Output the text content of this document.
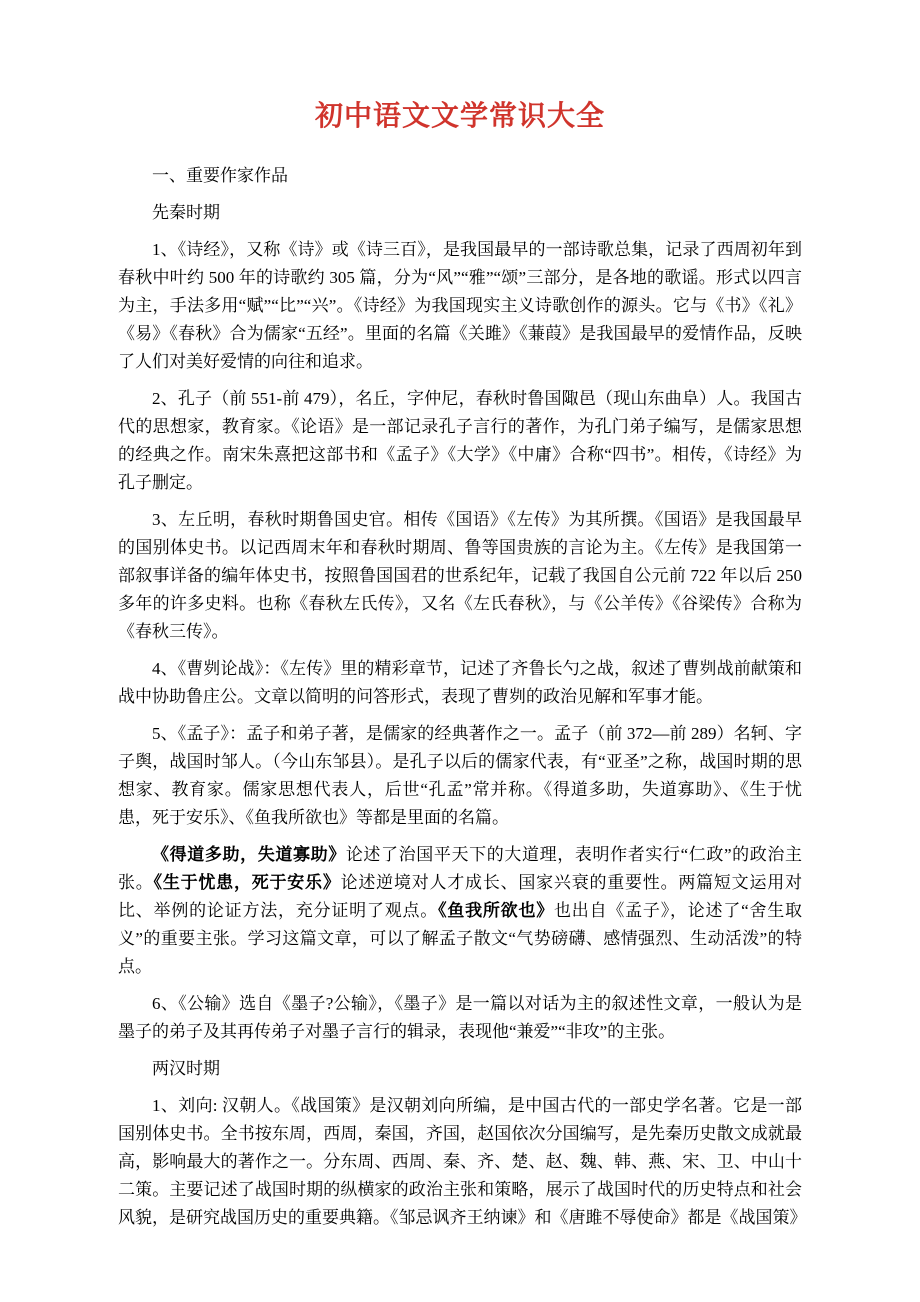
初中语文文学常识大全

一、重要作家作品

先秦时期

1、《诗经》，又称《诗》或《诗三百》，是我国最早的一部诗歌总集，记录了西周初年到春秋中叶约 500 年的诗歌约 305 篇，分为“风”“雅”“颂”三部分，是各地的歌谣。形式以四言为主，手法多用“赋”“比”“兴”。《诗经》为我国现实主义诗歌创作的源头。它与《书》《礼》《易》《春秋》合为儒家“五经”。里面的名篇《关雎》《蒹葭》是我国最早的爱情作品，反映了人们对美好爱情的向往和追求。

2、孔子（前 551-前 479），名丘，字仲尼，春秋时鲁国陬邑（现山东曲阜）人。我国古代的思想家，教育家。《论语》是一部记录孔子言行的著作，为孔门弟子编写，是儒家思想的经典之作。南宋朱熹把这部书和《孟子》《大学》《中庸》合称“四书”。相传，《诗经》为孔子删定。

3、左丘明，春秋时期鲁国史官。相传《国语》《左传》为其所撰。《国语》是我国最早的国别体史书。以记西周末年和春秋时期周、鲁等国贵族的言论为主。《左传》是我国第一部叙事详备的编年体史书，按照鲁国国君的世系纪年，记载了我国自公元前 722 年以后 250 多年的许多史料。也称《春秋左氏传》，又名《左氏春秋》，与《公羊传》《谷梁传》合称为《春秋三传》。

4、《曹刿论战》：《左传》里的精彩章节，记述了齐鲁长勺之战，叙述了曹刿战前献策和战中协助鲁庄公。文章以简明的问答形式，表现了曹刿的政治见解和军事才能。

5、《孟子》：孟子和弟子著，是儒家的经典著作之一。孟子（前 372—前 289）名轲、字子舆，战国时邹人。（今山东邹县）。是孔子以后的儒家代表，有“亚圣”之称，战国时期的思想家、教育家。儒家思想代表人，后世“孔孟”常并称。《得道多助，失道寡助》、《生于忧患，死于安乐》、《鱼我所欲也》等都是里面的名篇。

《得道多助，失道寡助》论述了治国平天下的大道理，表明作者实行“仁政”的政治主张。《生于忧患，死于安乐》论述逆境对人才成长、国家兴衰的重要性。两篇短文运用对比、举例的论证方法，充分证明了观点。《鱼我所欲也》也出自《孟子》，论述了“舍生取义”的重要主张。学习这篇文章，可以了解孟子散文“气势磅礴、感情强烈、生动活泼”的特点。

6、《公输》选自《墨子?公输》，《墨子》是一篇以对话为主的叙述性文章，一般认为是墨子的弟子及其再传弟子对墨子言行的辑录，表现他“兼爱”“非攻”的主张。

两汉时期

1、刘向: 汉朝人。《战国策》是汉朝刘向所编，是中国古代的一部史学名著。它是一部国别体史书。全书按东周，西周，秦国，齐国，赵国依次分国编写，是先秦历史散文成就最高，影响最大的著作之一。分东周、西周、秦、齐、楚、赵、魏、韩、燕、宋、卫、中山十二策。主要记述了战国时期的纵横家的政治主张和策略，展示了战国时代的历史特点和社会风貌，是研究战国历史的重要典籍。《邹忌讽齐王纳谏》和《唐雎不辱使命》都是《战国策》
